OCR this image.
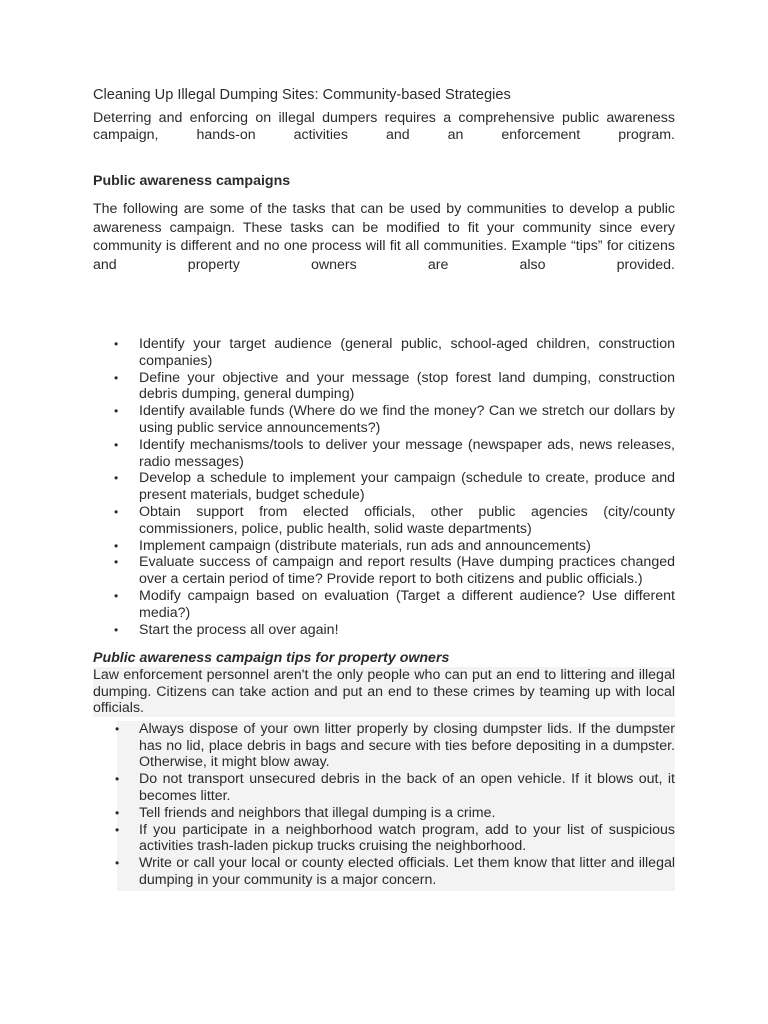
Cleaning Up Illegal Dumping Sites: Community-based Strategies

Deterring and enforcing on illegal dumpers requires a comprehensive public awareness campaign, hands-on activities and an enforcement program.

Public awareness campaigns

The following are some of the tasks that can be used by communities to develop a public awareness campaign. These tasks can be modified to fit your community since every community is different and no one process will fit all communities. Example “tips” for citizens and property owners are also provided.

• Identify your target audience (general public, school-aged children, construction companies)
• Define your objective and your message (stop forest land dumping, construction debris dumping, general dumping)
• Identify available funds (Where do we find the money? Can we stretch our dollars by using public service announcements?)
• Identify mechanisms/tools to deliver your message (newspaper ads, news releases, radio messages)
• Develop a schedule to implement your campaign (schedule to create, produce and present materials, budget schedule)
• Obtain support from elected officials, other public agencies (city/county commissioners, police, public health, solid waste departments)
• Implement campaign (distribute materials, run ads and announcements)
• Evaluate success of campaign and report results (Have dumping practices changed over a certain period of time? Provide report to both citizens and public officials.)
• Modify campaign based on evaluation (Target a different audience? Use different media?)
• Start the process all over again!

Public awareness campaign tips for property owners

Law enforcement personnel aren't the only people who can put an end to littering and illegal dumping. Citizens can take action and put an end to these crimes by teaming up with local officials.

• Always dispose of your own litter properly by closing dumpster lids. If the dumpster has no lid, place debris in bags and secure with ties before depositing in a dumpster. Otherwise, it might blow away.
• Do not transport unsecured debris in the back of an open vehicle. If it blows out, it becomes litter.
• Tell friends and neighbors that illegal dumping is a crime.
• If you participate in a neighborhood watch program, add to your list of suspicious activities trash-laden pickup trucks cruising the neighborhood.
• Write or call your local or county elected officials. Let them know that litter and illegal dumping in your community is a major concern.
